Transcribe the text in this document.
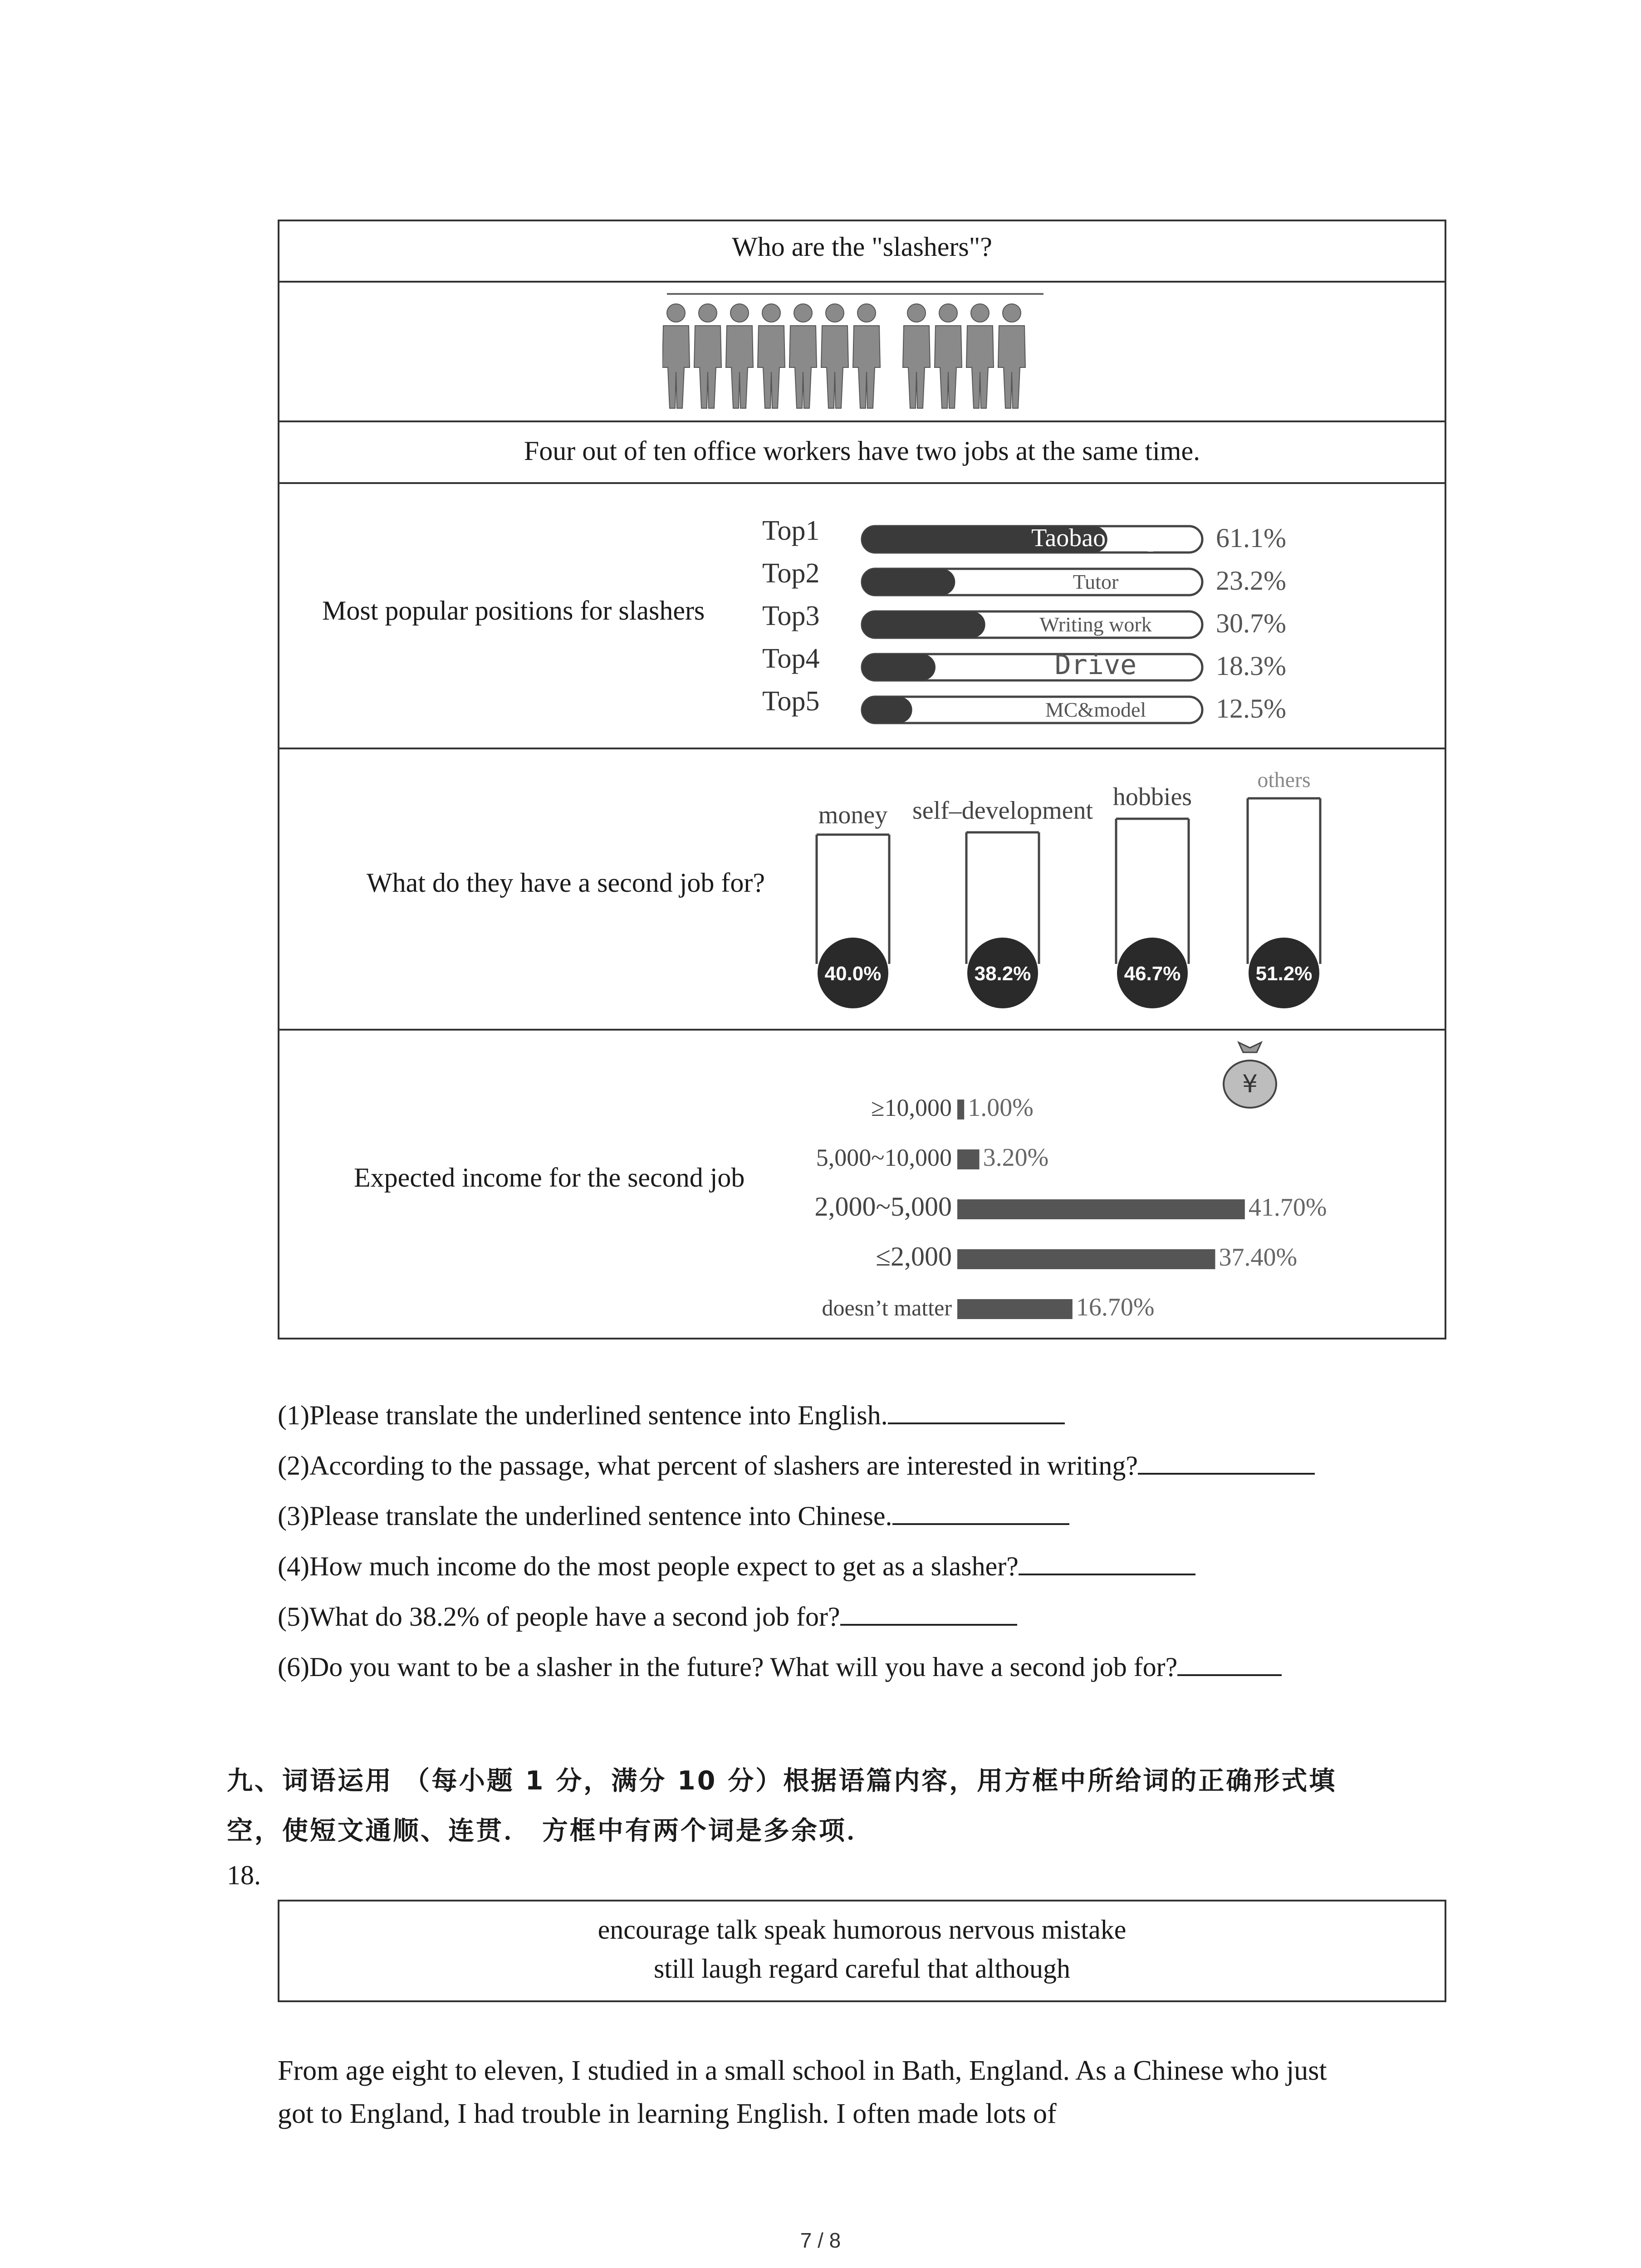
Who are the "slashers"?
Four out of ten office workers have two jobs at the same time.
Most popular positions for slashers
Top1	Taobao shop 61.1%
Top2	Tutor	23.2%
Top3	Writing work 30.7%
Top4	Drive	18.3%
Top5	MC&model	12.5%
What do they have a second job for?
money
40.0%
self–development
38.2%
hobbies
46.7%
others
51.2%
Expected income for the second job
¥
≥10,000 1.00%
5,000~10,000 3.20%
2,000~5,000	41.70%
≤2,000	37.40%
doesn’t matter	16.70%
(1)Please translate the underlined sentence into English.
(2)According to the passage, what percent of slashers are interested in writing?
(3)Please translate the underlined sentence into Chinese.
(4)How much income do the most people expect to get as a slasher?
(5)What do 38.2% of people have a second job for?
(6)Do you want to be a slasher in the future? What will you have a second job for?
九、词语运用 （每小题 1 分，满分 10 分）根据语篇内容，用方框中所给词的正确形式填
空，使短文通顺、连贯． 方框中有两个词是多余项．
18.
encourage talk speak humorous nervous mistake
still laugh regard careful that although
From age eight to eleven, I studied in a small school in Bath, England. As a Chinese who just
got to England, I had trouble in learning English. I often made lots of
7 / 8
